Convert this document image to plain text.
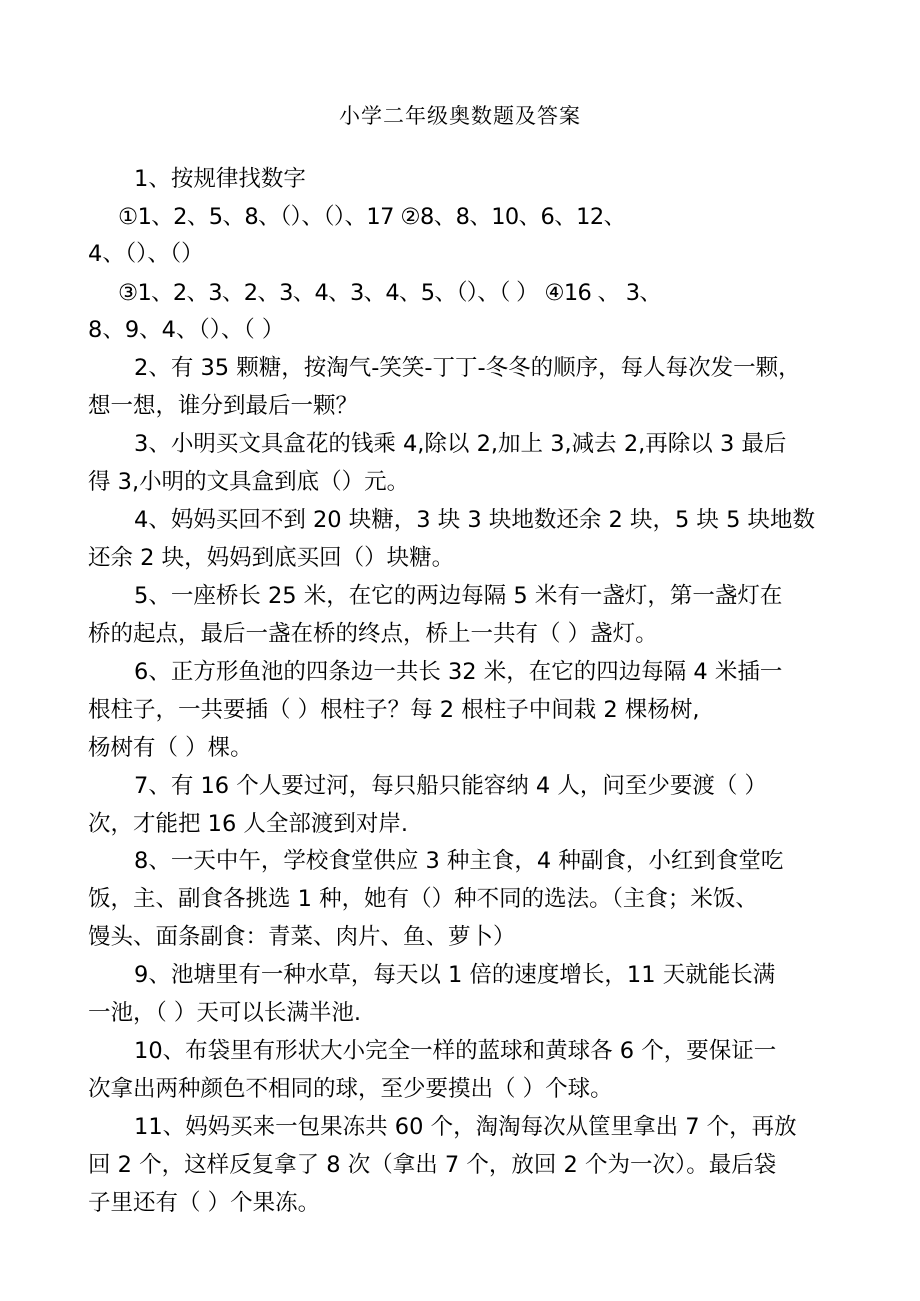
小学二年级奥数题及答案
1、按规律找数字
①1、2、5、8、（）、（）、17 ②8、8、10、6、12、
4、（）、（）
③1、2、3、2、3、4、3、4、5、（）、（ ） ④16 、 3、
8、9、4、（）、（ ）
2、有 35 颗糖，按淘气-笑笑-丁丁-冬冬的顺序，每人每次发一颗，
想一想，谁分到最后一颗？
3、小明买文具盒花的钱乘 4,除以 2,加上 3,减去 2,再除以 3 最后
得 3,小明的文具盒到底（）元。
4、妈妈买回不到 20 块糖，3 块 3 块地数还余 2 块，5 块 5 块地数
还余 2 块，妈妈到底买回（）块糖。
5、一座桥长 25 米，在它的两边每隔 5 米有一盏灯，第一盏灯在
桥的起点，最后一盏在桥的终点，桥上一共有（ ）盏灯。
6、正方形鱼池的四条边一共长 32 米，在它的四边每隔 4 米插一
根柱子，一共要插（ ）根柱子？每 2 根柱子中间栽 2 棵杨树,
杨树有（ ）棵。
7、有 16 个人要过河，每只船只能容纳 4 人，问至少要渡（ ）
次，才能把 16 人全部渡到对岸.
8、一天中午，学校食堂供应 3 种主食，4 种副食，小红到食堂吃
饭，主、副食各挑选 1 种，她有（）种不同的选法。（主食；米饭、
馒头、面条副食：青菜、肉片、鱼、萝卜）
9、池塘里有一种水草，每天以 1 倍的速度增长，11 天就能长满
一池，（ ）天可以长满半池.
10、布袋里有形状大小完全一样的蓝球和黄球各 6 个，要保证一
次拿出两种颜色不相同的球，至少要摸出（ ）个球。
11、妈妈买来一包果冻共 60 个，淘淘每次从筐里拿出 7 个，再放
回 2 个，这样反复拿了 8 次（拿出 7 个，放回 2 个为一次）。最后袋
子里还有（ ）个果冻。
